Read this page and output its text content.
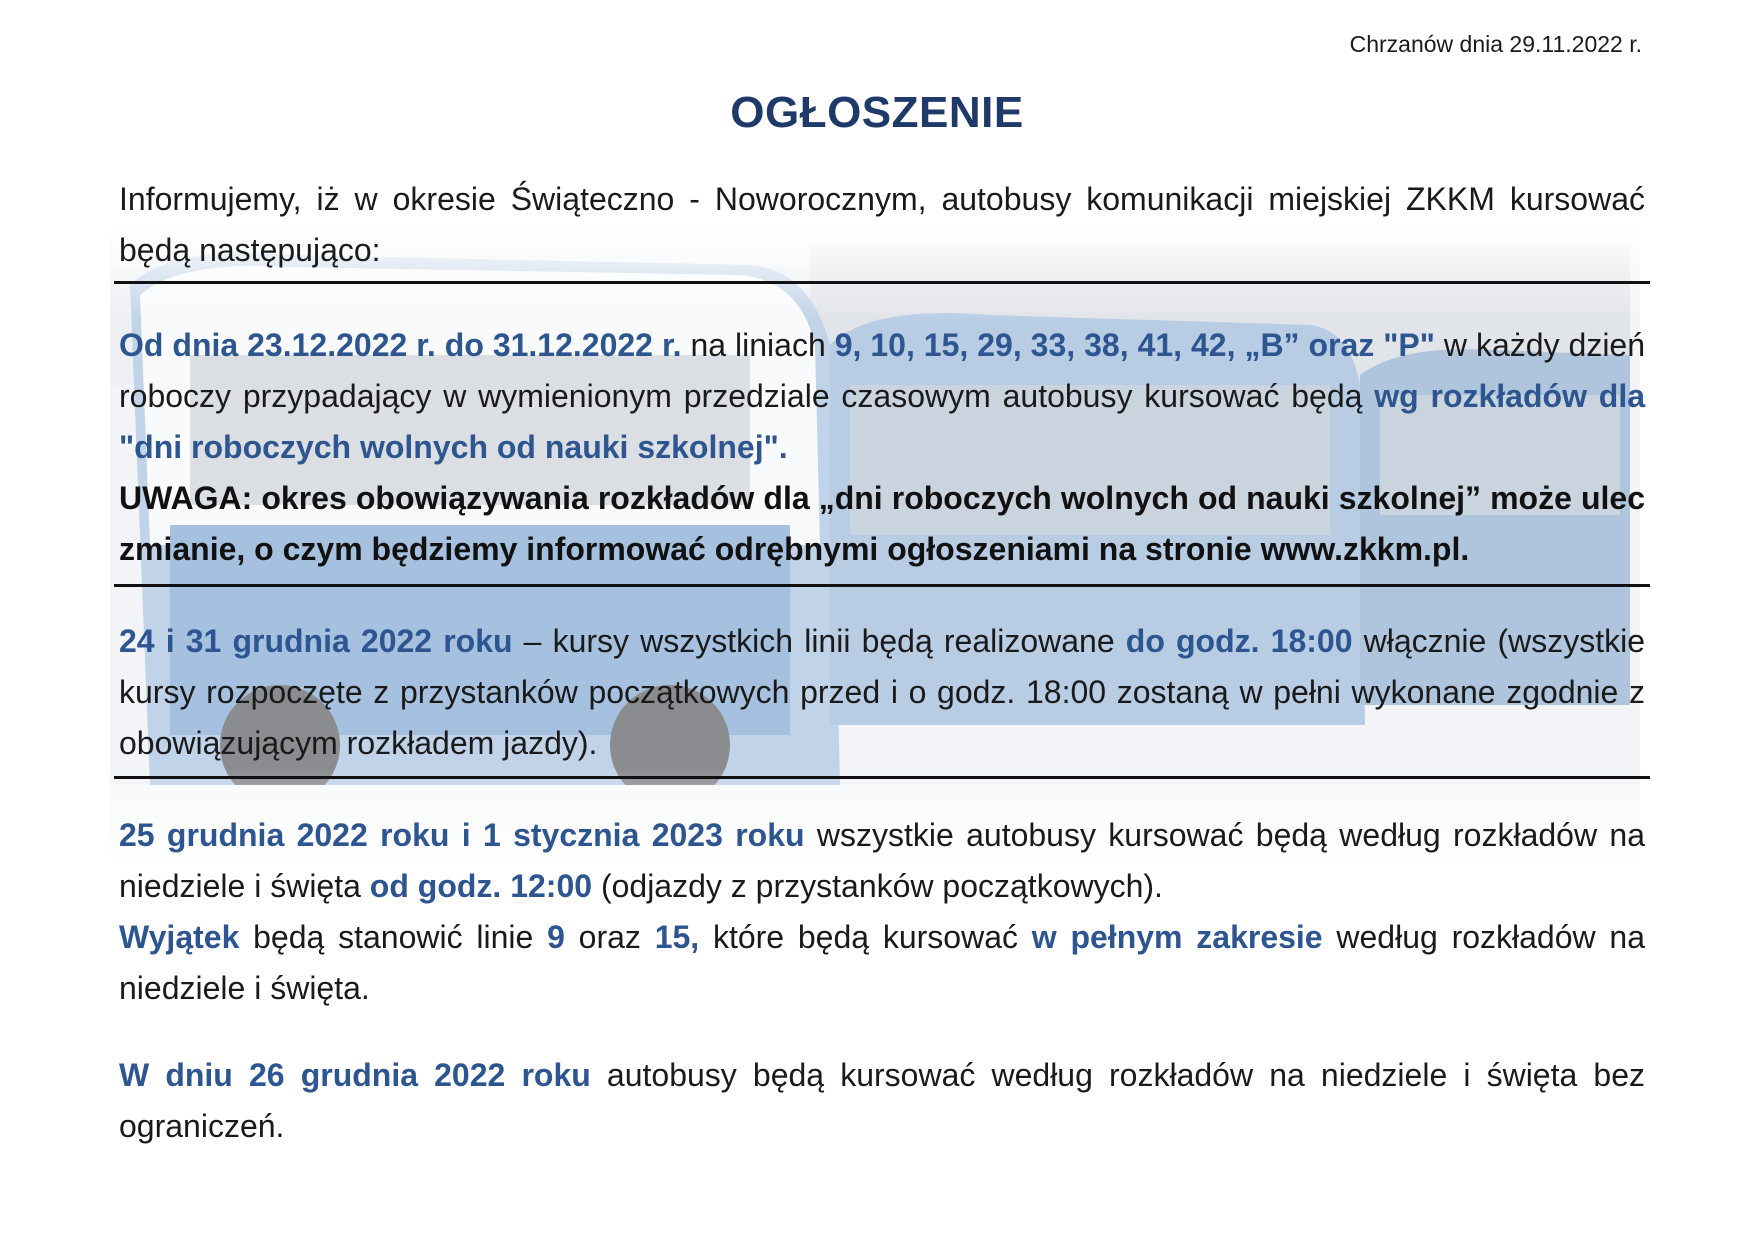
Chrzanów dnia 29.11.2022 r.
OGŁOSZENIE
Informujemy, iż w okresie Świąteczno - Noworocznym, autobusy komunikacji miejskiej ZKKM kursować będą następująco:
Od dnia 23.12.2022 r. do 31.12.2022 r. na liniach 9, 10, 15, 29, 33, 38, 41, 42, „B” oraz "P" w każdy dzień roboczy przypadający w wymienionym przedziale czasowym autobusy kursować będą wg rozkładów dla "dni roboczych wolnych od nauki szkolnej".
UWAGA: okres obowiązywania rozkładów dla „dni roboczych wolnych od nauki szkolnej” może ulec zmianie, o czym będziemy informować odrębnymi ogłoszeniami na stronie www.zkkm.pl.
24 i 31 grudnia 2022 roku – kursy wszystkich linii będą realizowane do godz. 18:00 włącznie (wszystkie kursy rozpoczęte z przystanków początkowych przed i o godz. 18:00 zostaną w pełni wykonane zgodnie z obowiązującym rozkładem jazdy).
25 grudnia 2022 roku i 1 stycznia 2023 roku wszystkie autobusy kursować będą według rozkładów na niedziele i święta od godz. 12:00 (odjazdy z przystanków początkowych).
Wyjątek będą stanowić linie 9 oraz 15, które będą kursować w pełnym zakresie według rozkładów na niedziele i święta.
W dniu 26 grudnia 2022 roku autobusy będą kursować według rozkładów na niedziele i święta bez ograniczeń.
